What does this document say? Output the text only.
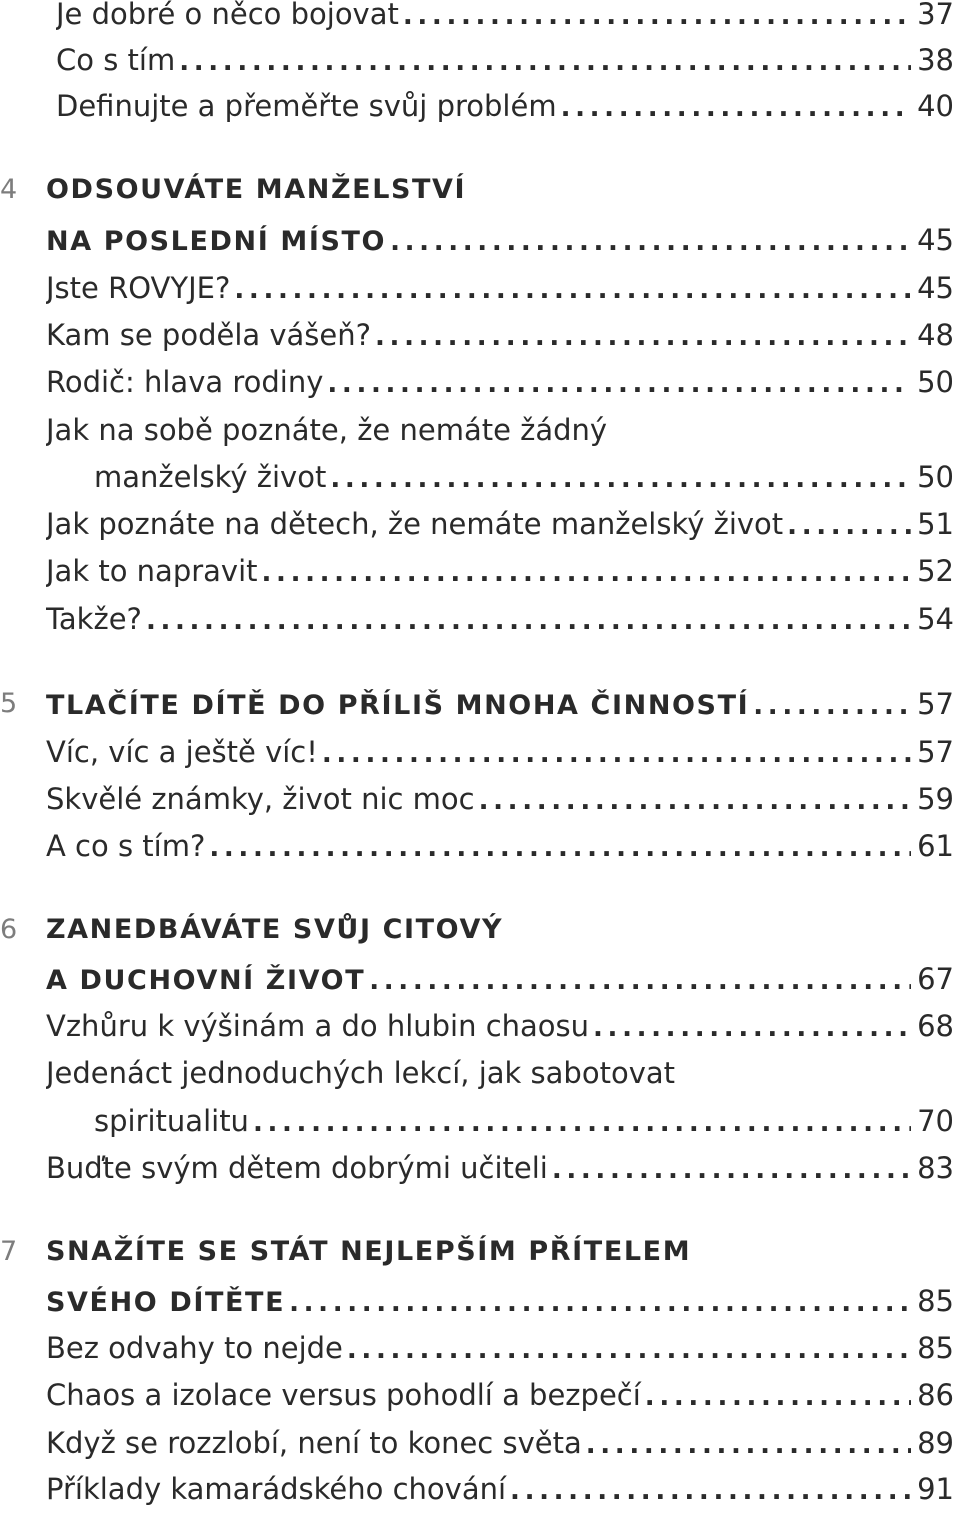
Je dobré o něco bojovat . . .	37
Co s tím . . .	38
Definujte a přeměřte svůj problém . . .	40
4 ODSOUVÁTE MANŽELSTVÍ
NA POSLEDNÍ MÍSTO . . .	45
Jste ROVYJE? . . .	45
Kam se poděla vášeň? . . .	48
Rodič: hlava rodiny . . .	50
Jak na sobě poznáte, že nemáte žádný
manželský život . . .	50
Jak poznáte na dětech, že nemáte manželský život . . .	51
Jak to napravit . . .	52
Takže? . . .	54
5 TLAČÍTE DÍTĚ DO PŘÍLIŠ MNOHA ČINNOSTÍ . . .	57
Víc, víc a ještě víc! . . .	57
Skvělé známky, život nic moc . . .	59
A co s tím? . . .	61
6 ZANEDBÁVÁTE SVŮJ CITOVÝ
A DUCHOVNÍ ŽIVOT . . .	67
Vzhůru k výšinám a do hlubin chaosu . . .	68
Jedenáct jednoduchých lekcí, jak sabotovat
spiritualitu . . .	70
Buďte svým dětem dobrými učiteli . . .	83
7 SNAŽÍTE SE STÁT NEJLEPŠÍM PŘÍTELEM
SVÉHO DÍTĚTE . . .	85
Bez odvahy to nejde . . .	85
Chaos a izolace versus pohodlí a bezpečí . . .	86
Když se rozzlobí, není to konec světa . . .	89
Příklady kamarádského chování . . .	91
